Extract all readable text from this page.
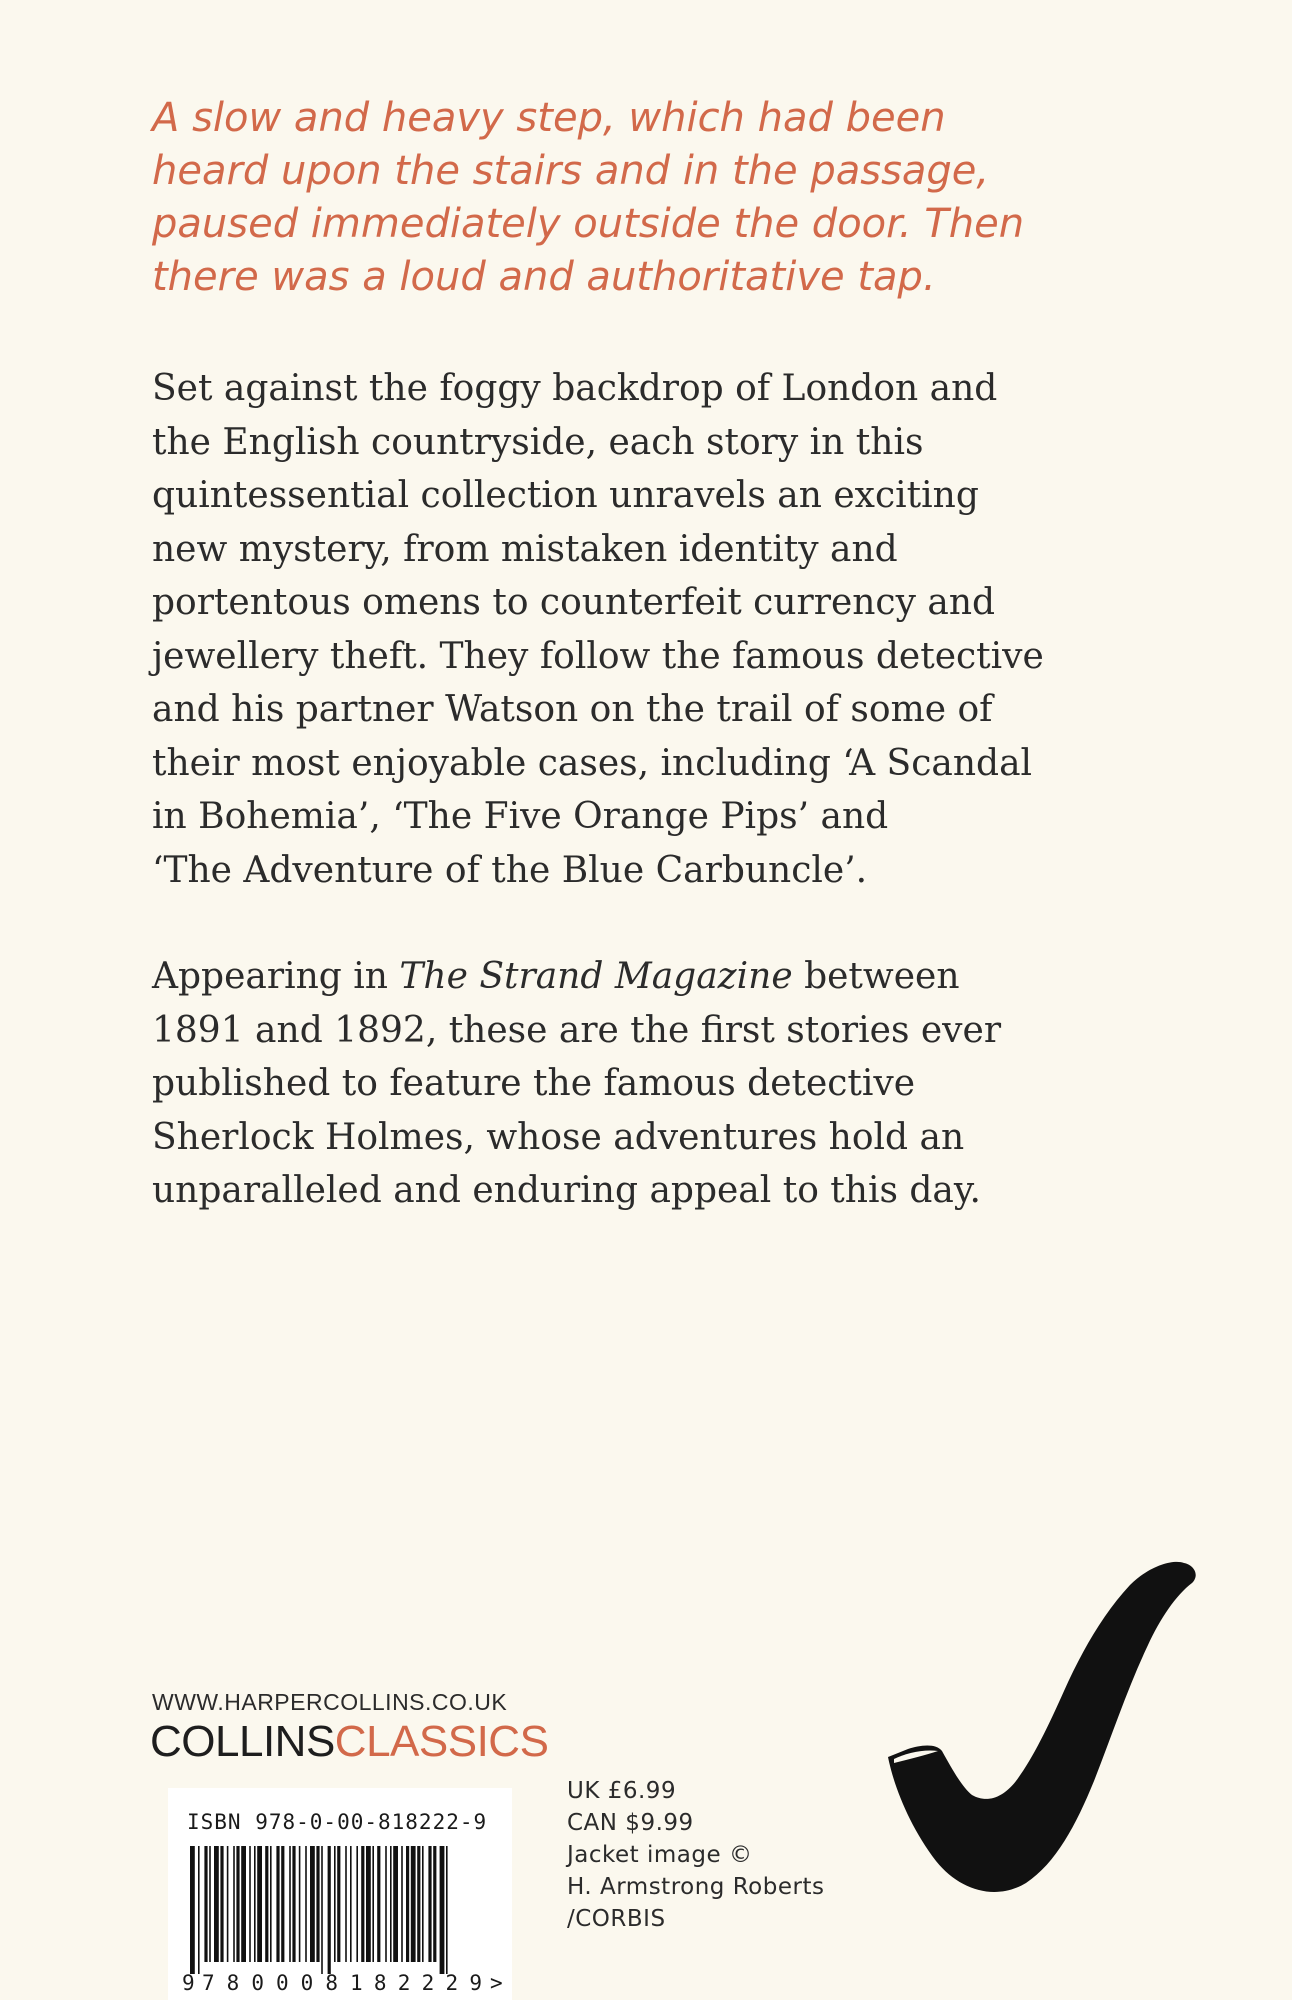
A slow and heavy step, which had been
heard upon the stairs and in the passage,
paused immediately outside the door. Then
there was a loud and authoritative tap.
Set against the foggy backdrop of London and
the English countryside, each story in this
quintessential collection unravels an exciting
new mystery, from mistaken identity and
portentous omens to counterfeit currency and
jewellery theft. They follow the famous detective
and his partner Watson on the trail of some of
their most enjoyable cases, including ‘A Scandal
in Bohemia’, ‘The Five Orange Pips’ and
‘The Adventure of the Blue Carbuncle’.
Appearing in The Strand Magazine between
1891 and 1892, these are the first stories ever
published to feature the famous detective
Sherlock Holmes, whose adventures hold an
unparalleled and enduring appeal to this day.
WWW.HARPERCOLLINS.CO.UK
COLLINSCLASSICS
ISBN 978-0-00-818222-9
9 780008 182229 >
UK £6.99
CAN $9.99
Jacket image ©
H. Armstrong Roberts
/CORBIS
